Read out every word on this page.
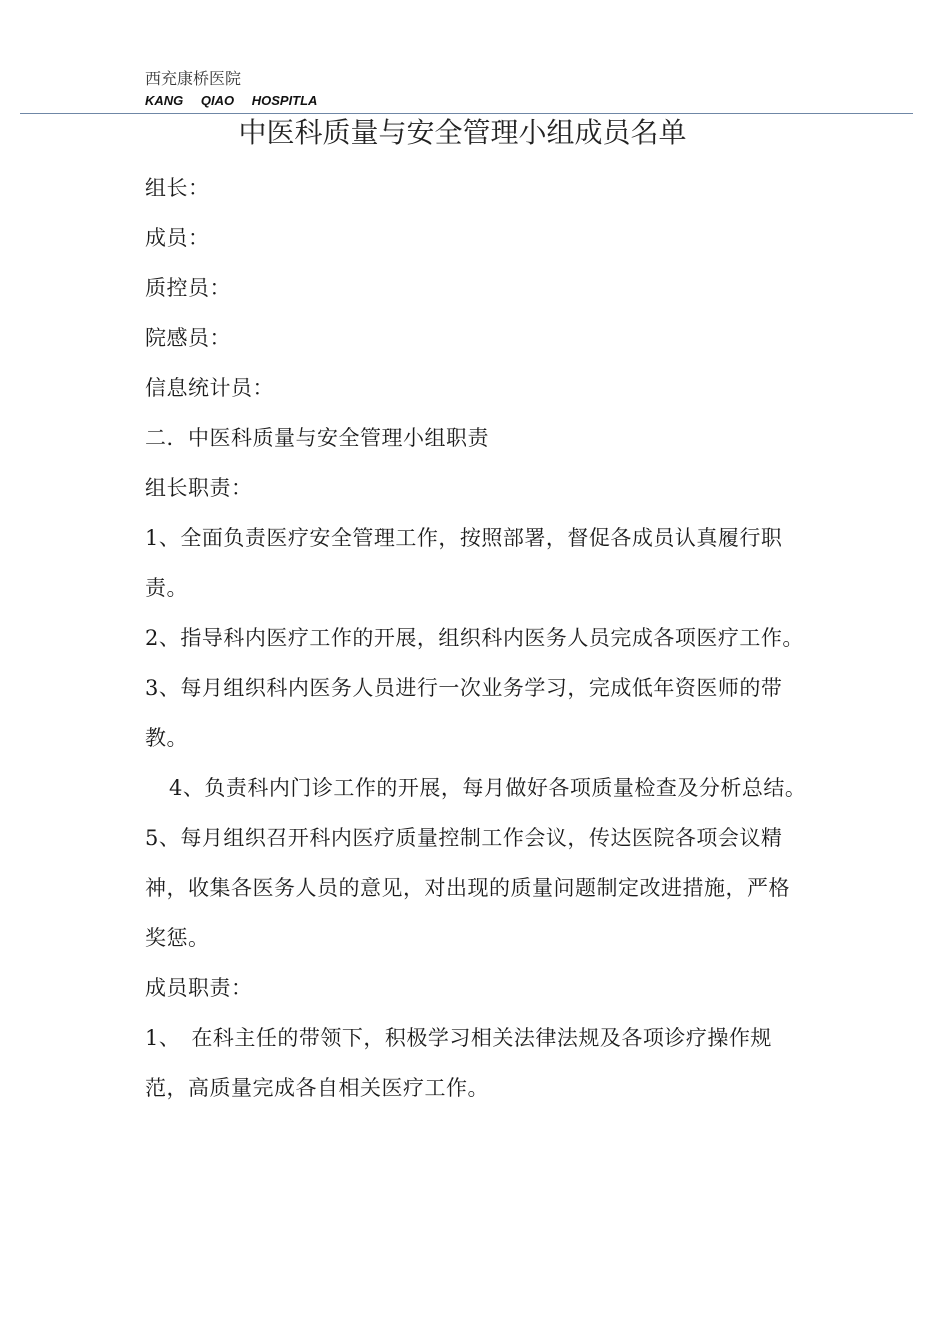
西充康桥医院
KANG QIAO HOSPITLA
中医科质量与安全管理小组成员名单

组长：

成员：

质控员：

院感员：

信息统计员：

二．中医科质量与安全管理小组职责

组长职责：

1、全面负责医疗安全管理工作，按照部署，督促各成员认真履行职责。

2、指导科内医疗工作的开展，组织科内医务人员完成各项医疗工作。

3、每月组织科内医务人员进行一次业务学习，完成低年资医师的带教。

4、负责科内门诊工作的开展，每月做好各项质量检查及分析总结。

5、每月组织召开科内医疗质量控制工作会议，传达医院各项会议精神，收集各医务人员的意见，对出现的质量问题制定改进措施，严格奖惩。

成员职责：

1、　在科主任的带领下，积极学习相关法律法规及各项诊疗操作规范，高质量完成各自相关医疗工作。
